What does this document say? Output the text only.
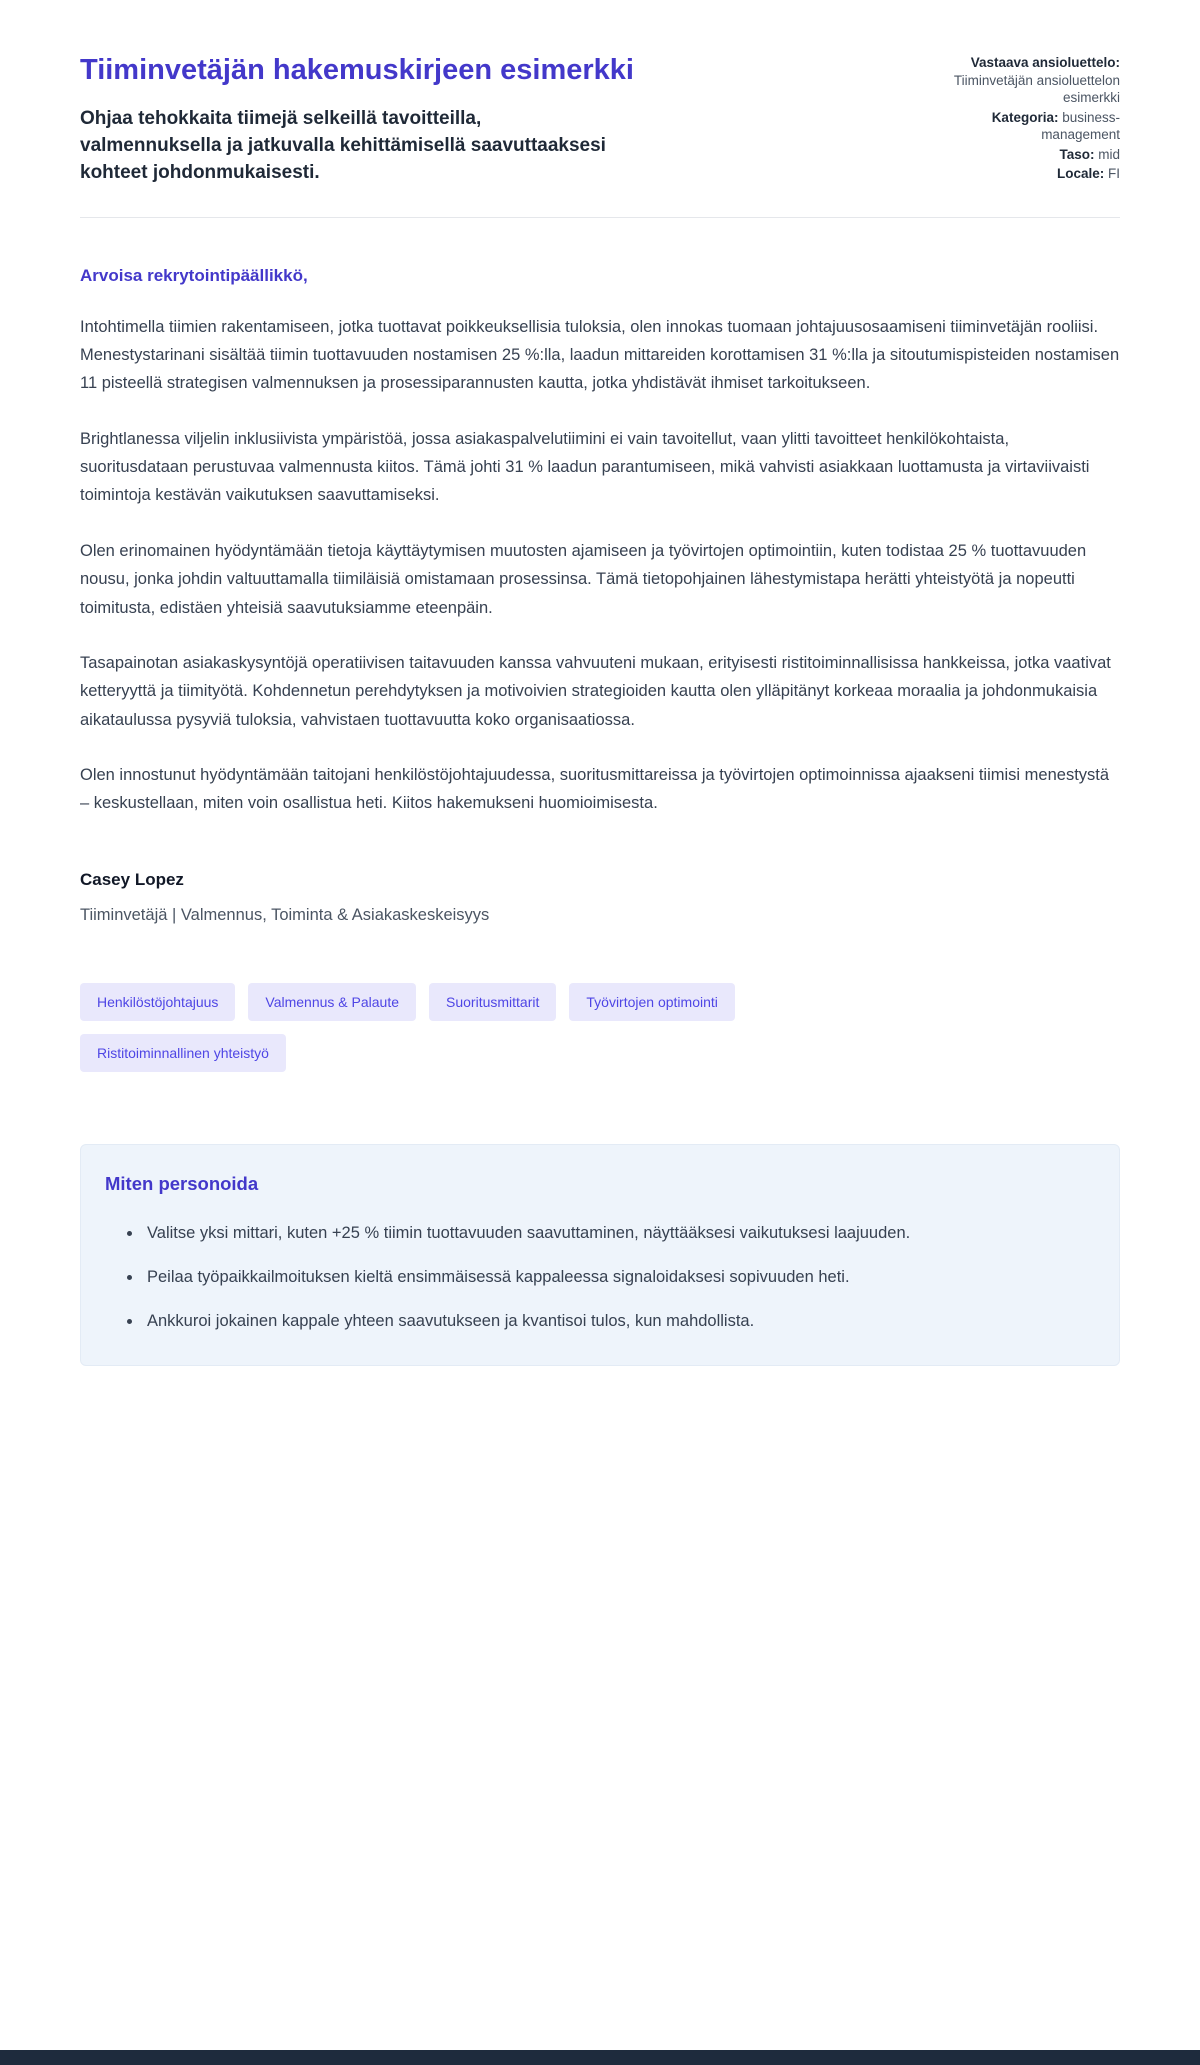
Tiiminvetäjän hakemuskirjeen esimerkki
Ohjaa tehokkaita tiimejä selkeillä tavoitteilla, valmennuksella ja jatkuvalla kehittämisellä saavuttaaksesi kohteet johdonmukaisesti.
Vastaava ansioluettelo: Tiiminvetäjän ansioluettelon esimerkki
Kategoria: business-management
Taso: mid
Locale: FI
Arvoisa rekrytointipäällikkö,

Intohtimella tiimien rakentamiseen, jotka tuottavat poikkeuksellisia tuloksia, olen innokas tuomaan johtajuusosaamiseni tiiminvetäjän rooliisi. Menestystarinani sisältää tiimin tuottavuuden nostamisen 25 %:lla, laadun mittareiden korottamisen 31 %:lla ja sitoutumispisteiden nostamisen 11 pisteellä strategisen valmennuksen ja prosessiparannusten kautta, jotka yhdistävät ihmiset tarkoitukseen.

Brightlanessa viljelin inklusiivista ympäristöä, jossa asiakaspalvelutiimini ei vain tavoitellut, vaan ylitti tavoitteet henkilökohtaista, suoritusdataan perustuvaa valmennusta kiitos. Tämä johti 31 % laadun parantumiseen, mikä vahvisti asiakkaan luottamusta ja virtaviivaisti toimintoja kestävän vaikutuksen saavuttamiseksi.

Olen erinomainen hyödyntämään tietoja käyttäytymisen muutosten ajamiseen ja työvirtojen optimointiin, kuten todistaa 25 % tuottavuuden nousu, jonka johdin valtuuttamalla tiimiläisiä omistamaan prosessinsa. Tämä tietopohjainen lähestymistapa herätti yhteistyötä ja nopeutti toimitusta, edistäen yhteisiä saavutuksiamme eteenpäin.

Tasapainotan asiakaskysyntöjä operatiivisen taitavuuden kanssa vahvuuteni mukaan, erityisesti ristitoiminnallisissa hankkeissa, jotka vaativat ketteryyttä ja tiimityötä. Kohdennetun perehdytyksen ja motivoivien strategioiden kautta olen ylläpitänyt korkeaa moraalia ja johdonmukaisia aikataulussa pysyviä tuloksia, vahvistaen tuottavuutta koko organisaatiossa.

Olen innostunut hyödyntämään taitojani henkilöstöjohtajuudessa, suoritusmittareissa ja työvirtojen optimoinnissa ajaakseni tiimisi menestystä – keskustellaan, miten voin osallistua heti. Kiitos hakemukseni huomioimisesta.

Casey Lopez
Tiiminvetäjä | Valmennus, Toiminta & Asiakaskeskeisyys
Henkilöstöjohtajuus	Valmennus & Palaute	Suoritusmittarit	Työvirtojen optimointi
Ristitoiminnallinen yhteistyö
Miten personoida
• Valitse yksi mittari, kuten +25 % tiimin tuottavuuden saavuttaminen, näyttääksesi vaikutuksesi laajuuden.
• Peilaa työpaikkailmoituksen kieltä ensimmäisessä kappaleessa signaloidaksesi sopivuuden heti.
• Ankkuroi jokainen kappale yhteen saavutukseen ja kvantisoi tulos, kun mahdollista.
